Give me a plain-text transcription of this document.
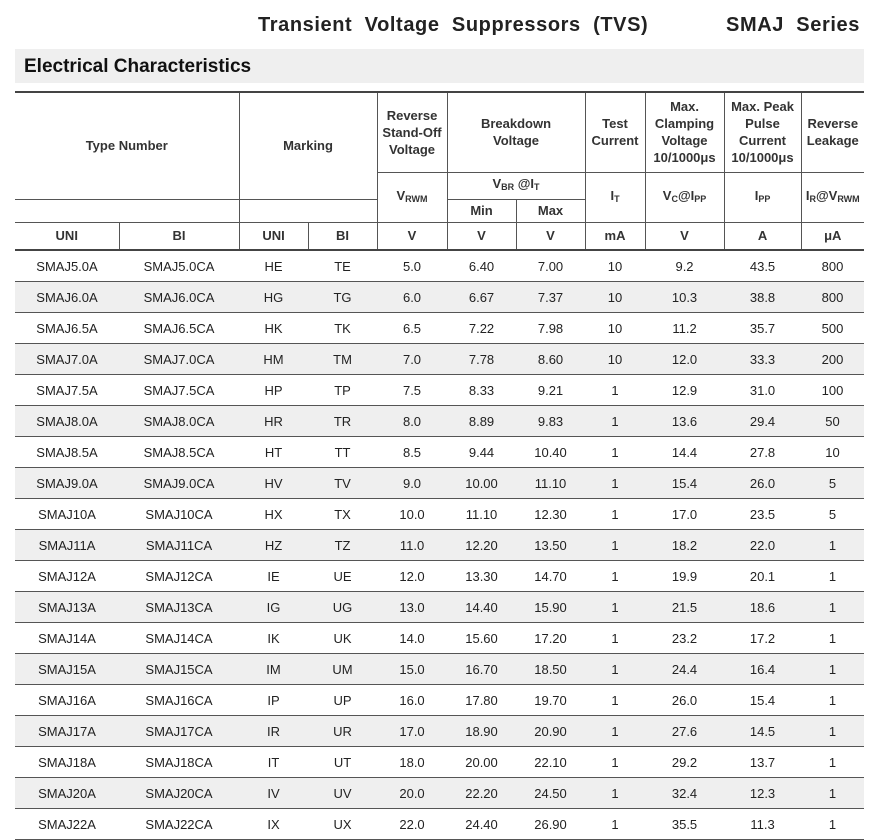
Transient  Voltage  Suppressors  (TVS)	SMAJ  Series
Electrical Characteristics
Type Number		Marking		Reverse Stand-Off Voltage	Breakdown Voltage		Test Current	Max. Clamping Voltage 10/1000μs	Max. Peak Pulse Current 10/1000μs	Reverse Leakage
				$V_{RWM}$	$V_{BR}$ $@I_T$		$I_T$	$V_C@I_{PP}$	$I_{PP}$	$I_R@V_{RWM}$
					Min	Max				
UNI	BI	UNI	BI	V	V	V	mA	V	A	μA
SMAJ5.0A	SMAJ5.0CA	HE	TE	5.0	6.40	7.00	10	9.2	43.5	800
SMAJ6.0A	SMAJ6.0CA	HG	TG	6.0	6.67	7.37	10	10.3	38.8	800
SMAJ6.5A	SMAJ6.5CA	HK	TK	6.5	7.22	7.98	10	11.2	35.7	500
SMAJ7.0A	SMAJ7.0CA	HM	TM	7.0	7.78	8.60	10	12.0	33.3	200
SMAJ7.5A	SMAJ7.5CA	HP	TP	7.5	8.33	9.21	1	12.9	31.0	100
SMAJ8.0A	SMAJ8.0CA	HR	TR	8.0	8.89	9.83	1	13.6	29.4	50
SMAJ8.5A	SMAJ8.5CA	HT	TT	8.5	9.44	10.40	1	14.4	27.8	10
SMAJ9.0A	SMAJ9.0CA	HV	TV	9.0	10.00	11.10	1	15.4	26.0	5
SMAJ10A	SMAJ10CA	HX	TX	10.0	11.10	12.30	1	17.0	23.5	5
SMAJ11A	SMAJ11CA	HZ	TZ	11.0	12.20	13.50	1	18.2	22.0	1
SMAJ12A	SMAJ12CA	IE	UE	12.0	13.30	14.70	1	19.9	20.1	1
SMAJ13A	SMAJ13CA	IG	UG	13.0	14.40	15.90	1	21.5	18.6	1
SMAJ14A	SMAJ14CA	IK	UK	14.0	15.60	17.20	1	23.2	17.2	1
SMAJ15A	SMAJ15CA	IM	UM	15.0	16.70	18.50	1	24.4	16.4	1
SMAJ16A	SMAJ16CA	IP	UP	16.0	17.80	19.70	1	26.0	15.4	1
SMAJ17A	SMAJ17CA	IR	UR	17.0	18.90	20.90	1	27.6	14.5	1
SMAJ18A	SMAJ18CA	IT	UT	18.0	20.00	22.10	1	29.2	13.7	1
SMAJ20A	SMAJ20CA	IV	UV	20.0	22.20	24.50	1	32.4	12.3	1
SMAJ22A	SMAJ22CA	IX	UX	22.0	24.40	26.90	1	35.5	11.3	1
